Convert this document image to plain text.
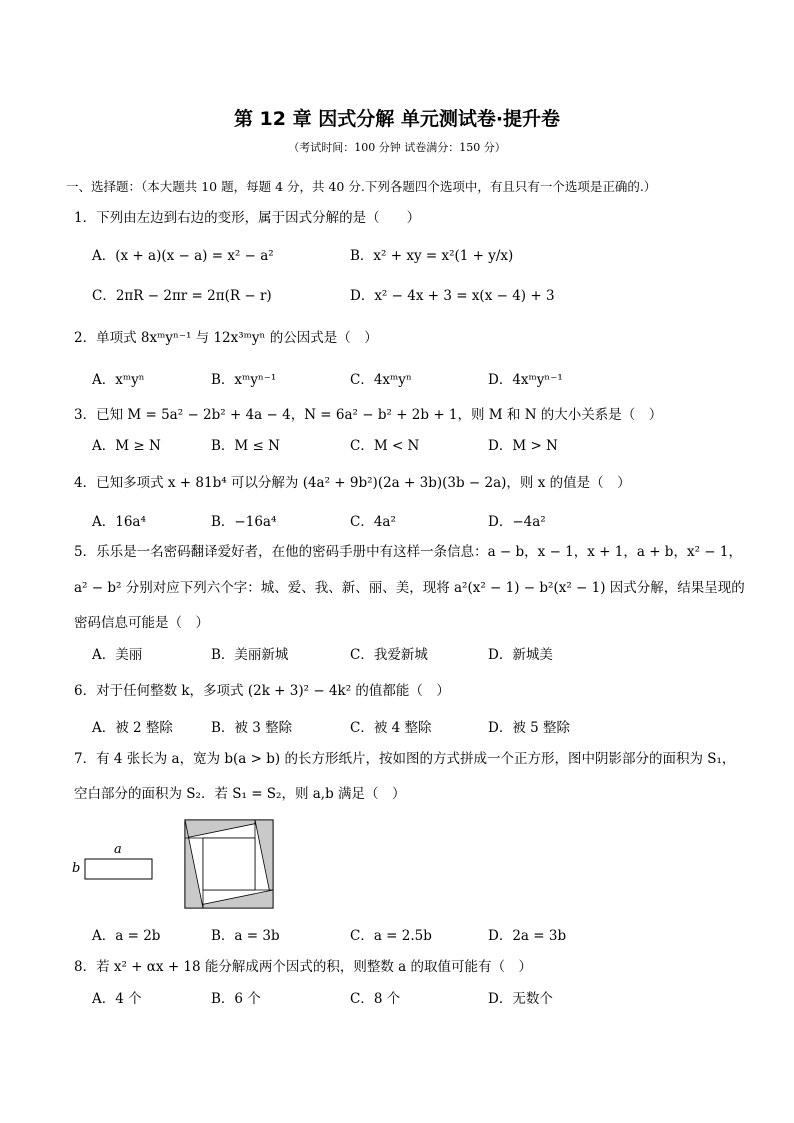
第 12 章 因式分解 单元测试卷·提升卷
（考试时间：100 分钟 试卷满分：150 分）
一、选择题：（本大题共 10 题，每题 4 分，共 40 分.下列各题四个选项中，有且只有一个选项是正确的.）
1．下列由左边到右边的变形，属于因式分解的是（　　）
A．(x + a)(x − a) = x² − a²	B．x² + xy = x²(1 + y/x)
C．2πR − 2πr = 2π(R − r)	D．x² − 4x + 3 = x(x − 4) + 3
2．单项式 8xᵐyⁿ⁻¹ 与 12x³ᵐyⁿ 的公因式是（　）
A．xᵐyⁿ	B．xᵐyⁿ⁻¹	C．4xᵐyⁿ	D．4xᵐyⁿ⁻¹
3．已知 M = 5a² − 2b² + 4a − 4，N = 6a² − b² + 2b + 1，则 M 和 N 的大小关系是（　）
A．M ≥ N	B．M ≤ N	C．M < N	D．M > N
4．已知多项式 x + 81b⁴ 可以分解为 (4a² + 9b²)(2a + 3b)(3b − 2a)，则 x 的值是（　）
A．16a⁴	B．−16a⁴	C．4a²	D．−4a²
5．乐乐是一名密码翻译爱好者，在他的密码手册中有这样一条信息：a − b，x − 1，x + 1，a + b，x² − 1，
a² − b² 分别对应下列六个字：城、爱、我、新、丽、美，现将 a²(x² − 1) − b²(x² − 1) 因式分解，结果呈现的
密码信息可能是（　）
A．美丽	B．美丽新城	C．我爱新城	D．新城美
6．对于任何整数 k，多项式 (2k + 3)² − 4k² 的值都能（　）
A．被 2 整除	B．被 3 整除	C．被 4 整除	D．被 5 整除
7．有 4 张长为 a，宽为 b(a > b) 的长方形纸片，按如图的方式拼成一个正方形，图中阴影部分的面积为 S₁，
空白部分的面积为 S₂．若 S₁ = S₂，则 a,b 满足（　）
a
b
A．a = 2b	B．a = 3b	C．a = 2.5b	D．2a = 3b
8．若 x² + αx + 18 能分解成两个因式的积，则整数 a 的取值可能有（　）
A．4 个	B．6 个	C．8 个	D．无数个
